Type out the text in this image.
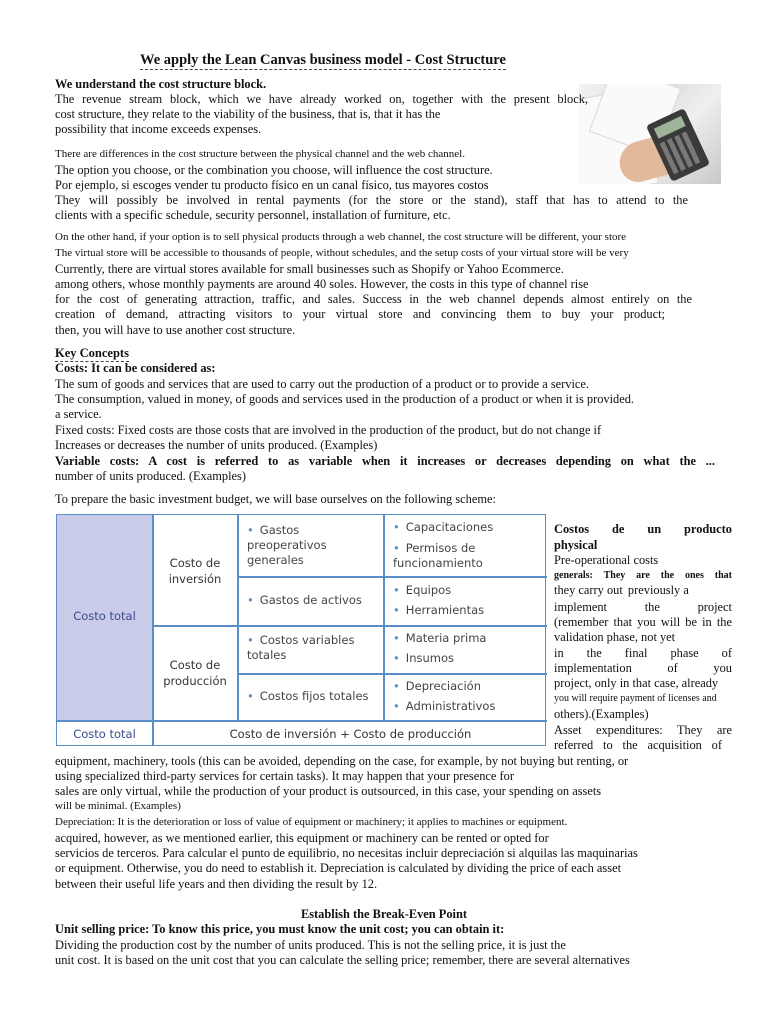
We apply the Lean Canvas business model - Cost Structure
We understand the cost structure block.
The revenue stream block, which we have already worked on, together with the present block,
cost structure, they relate to the viability of the business, that is, that it has the
possibility that income exceeds expenses.
There are differences in the cost structure between the physical channel and the web channel.
The option you choose, or the combination you choose, will influence the cost structure.
Por ejemplo, si escoges vender tu producto físico en un canal físico, tus mayores costos
They will possibly be involved in rental payments (for the store or the stand), staff that has to attend to the
clients with a specific schedule, security personnel, installation of furniture, etc.
On the other hand, if your option is to sell physical products through a web channel, the cost structure will be different, your store
The virtual store will be accessible to thousands of people, without schedules, and the setup costs of your virtual store will be very
Currently, there are virtual stores available for small businesses such as Shopify or Yahoo Ecommerce.
among others, whose monthly payments are around 40 soles. However, the costs in this type of channel rise
for the cost of generating attraction, traffic, and sales. Success in the web channel depends almost entirely on the
creation of demand, attracting visitors to your virtual store and convincing them to buy your product;
then, you will have to use another cost structure.
Key Concepts
Costs: It can be considered as:
The sum of goods and services that are used to carry out the production of a product or to provide a service.
The consumption, valued in money, of goods and services used in the production of a product or when it is provided.
a service.
Fixed costs: Fixed costs are those costs that are involved in the production of the product, but do not change if
Increases or decreases the number of units produced. (Examples)
Variable costs: A cost is referred to as variable when it increases or decreases depending on what the ...
number of units produced. (Examples)
To prepare the basic investment budget, we will base ourselves on the following scheme:
Costo total
Costo de inversión
Costo de producción
• Gastos preoperativos generales
• Capacitaciones
• Permisos de funcionamiento
• Gastos de activos
• Equipos
• Herramientas
• Costos variables totales
• Materia prima
• Insumos
• Costos fijos totales
• Depreciación
• Administrativos
Costo total	Costo de inversión + Costo de producción
Costos de un producto
physical
Pre-operational costs
generals: They are the ones that
they carry out previously a
implement the project
(remember that you will be in the
validation phase, not yet
in the final phase of
implementation of you
project, only in that case, already
you will require payment of licenses and
others).(Examples)
Asset expenditures: They are
referred to the acquisition of
equipment, machinery, tools (this can be avoided, depending on the case, for example, by not buying but renting, or
using specialized third-party services for certain tasks). It may happen that your presence for
sales are only virtual, while the production of your product is outsourced, in this case, your spending on assets
will be minimal. (Examples)
Depreciation: It is the deterioration or loss of value of equipment or machinery; it applies to machines or equipment.
acquired, however, as we mentioned earlier, this equipment or machinery can be rented or opted for
servicios de terceros. Para calcular el punto de equilibrio, no necesitas incluir depreciación si alquilas las maquinarias
or equipment. Otherwise, you do need to establish it. Depreciation is calculated by dividing the price of each asset
between their useful life years and then dividing the result by 12.
Establish the Break-Even Point
Unit selling price: To know this price, you must know the unit cost; you can obtain it:
Dividing the production cost by the number of units produced. This is not the selling price, it is just the
unit cost. It is based on the unit cost that you can calculate the selling price; remember, there are several alternatives
